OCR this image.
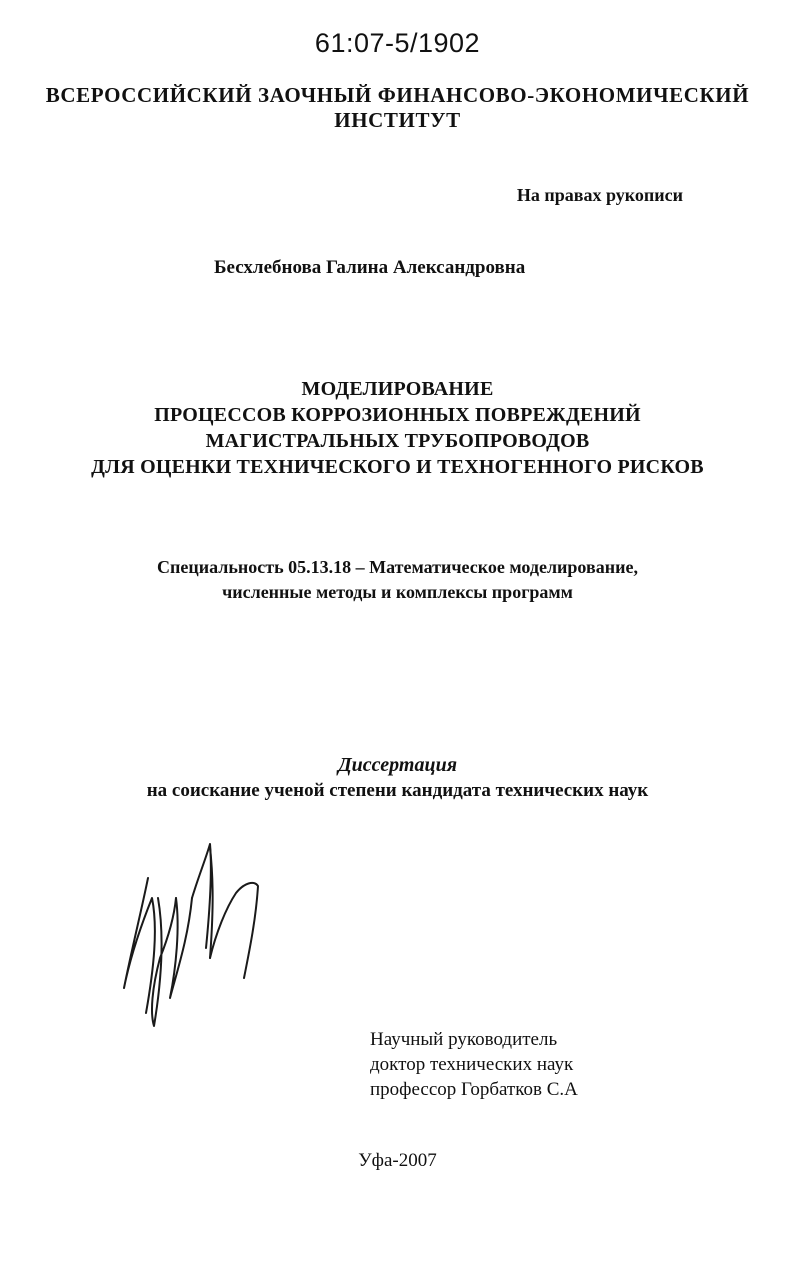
61:07-5/1902
ВСЕРОССИЙСКИЙ ЗАОЧНЫЙ ФИНАНСОВО-ЭКОНОМИЧЕСКИЙ
ИНСТИТУТ
На правах рукописи
Бесхлебнова Галина Александровна
МОДЕЛИРОВАНИЕ
ПРОЦЕССОВ КОРРОЗИОННЫХ ПОВРЕЖДЕНИЙ
МАГИСТРАЛЬНЫХ ТРУБОПРОВОДОВ
ДЛЯ ОЦЕНКИ ТЕХНИЧЕСКОГО И ТЕХНОГЕННОГО РИСКОВ
Специальность 05.13.18 – Математическое моделирование,
численные методы и комплексы программ
Диссертация
на соискание ученой степени кандидата технических наук
Научный руководитель
доктор технических наук
профессор Горбатков С.А
Уфа-2007
